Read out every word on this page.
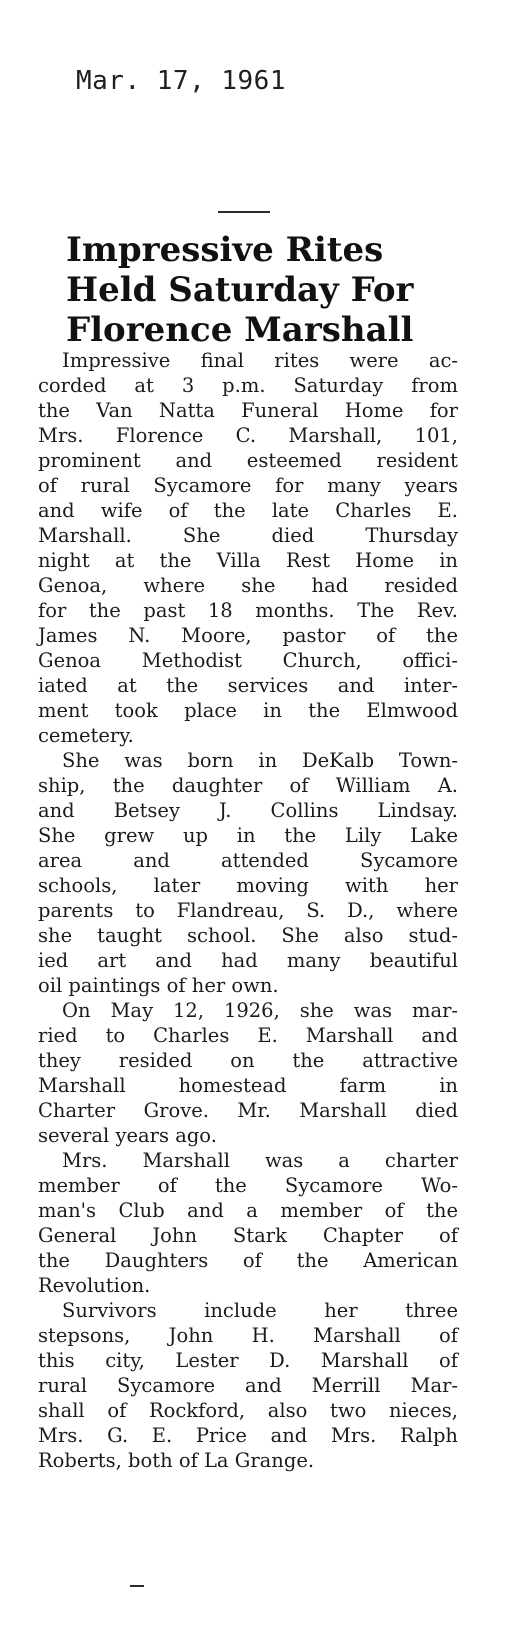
Mar. 17, 1961
Impressive Rites
Held Saturday For
Florence Marshall

Impressive final rites were ac-
corded at 3 p.m. Saturday from
the Van Natta Funeral Home for
Mrs. Florence C. Marshall, 101,
prominent and esteemed resident
of rural Sycamore for many years
and wife of the late Charles E.
Marshall. She died Thursday
night at the Villa Rest Home in
Genoa, where she had resided
for the past 18 months. The Rev.
James N. Moore, pastor of the
Genoa Methodist Church, offici-
iated at the services and inter-
ment took place in the Elmwood
cemetery.

She was born in DeKalb Town-
ship, the daughter of William A.
and Betsey J. Collins Lindsay.
She grew up in the Lily Lake
area and attended Sycamore
schools, later moving with her
parents to Flandreau, S. D., where
she taught school. She also stud-
ied art and had many beautiful
oil paintings of her own.

On May 12, 1926, she was mar-
ried to Charles E. Marshall and
they resided on the attractive
Marshall homestead farm in
Charter Grove. Mr. Marshall died
several years ago.

Mrs. Marshall was a charter
member of the Sycamore Wo-
man's Club and a member of the
General John Stark Chapter of
the Daughters of the American
Revolution.

Survivors include her three
stepsons, John H. Marshall of
this city, Lester D. Marshall of
rural Sycamore and Merrill Mar-
shall of Rockford, also two nieces,
Mrs. G. E. Price and Mrs. Ralph
Roberts, both of La Grange.
